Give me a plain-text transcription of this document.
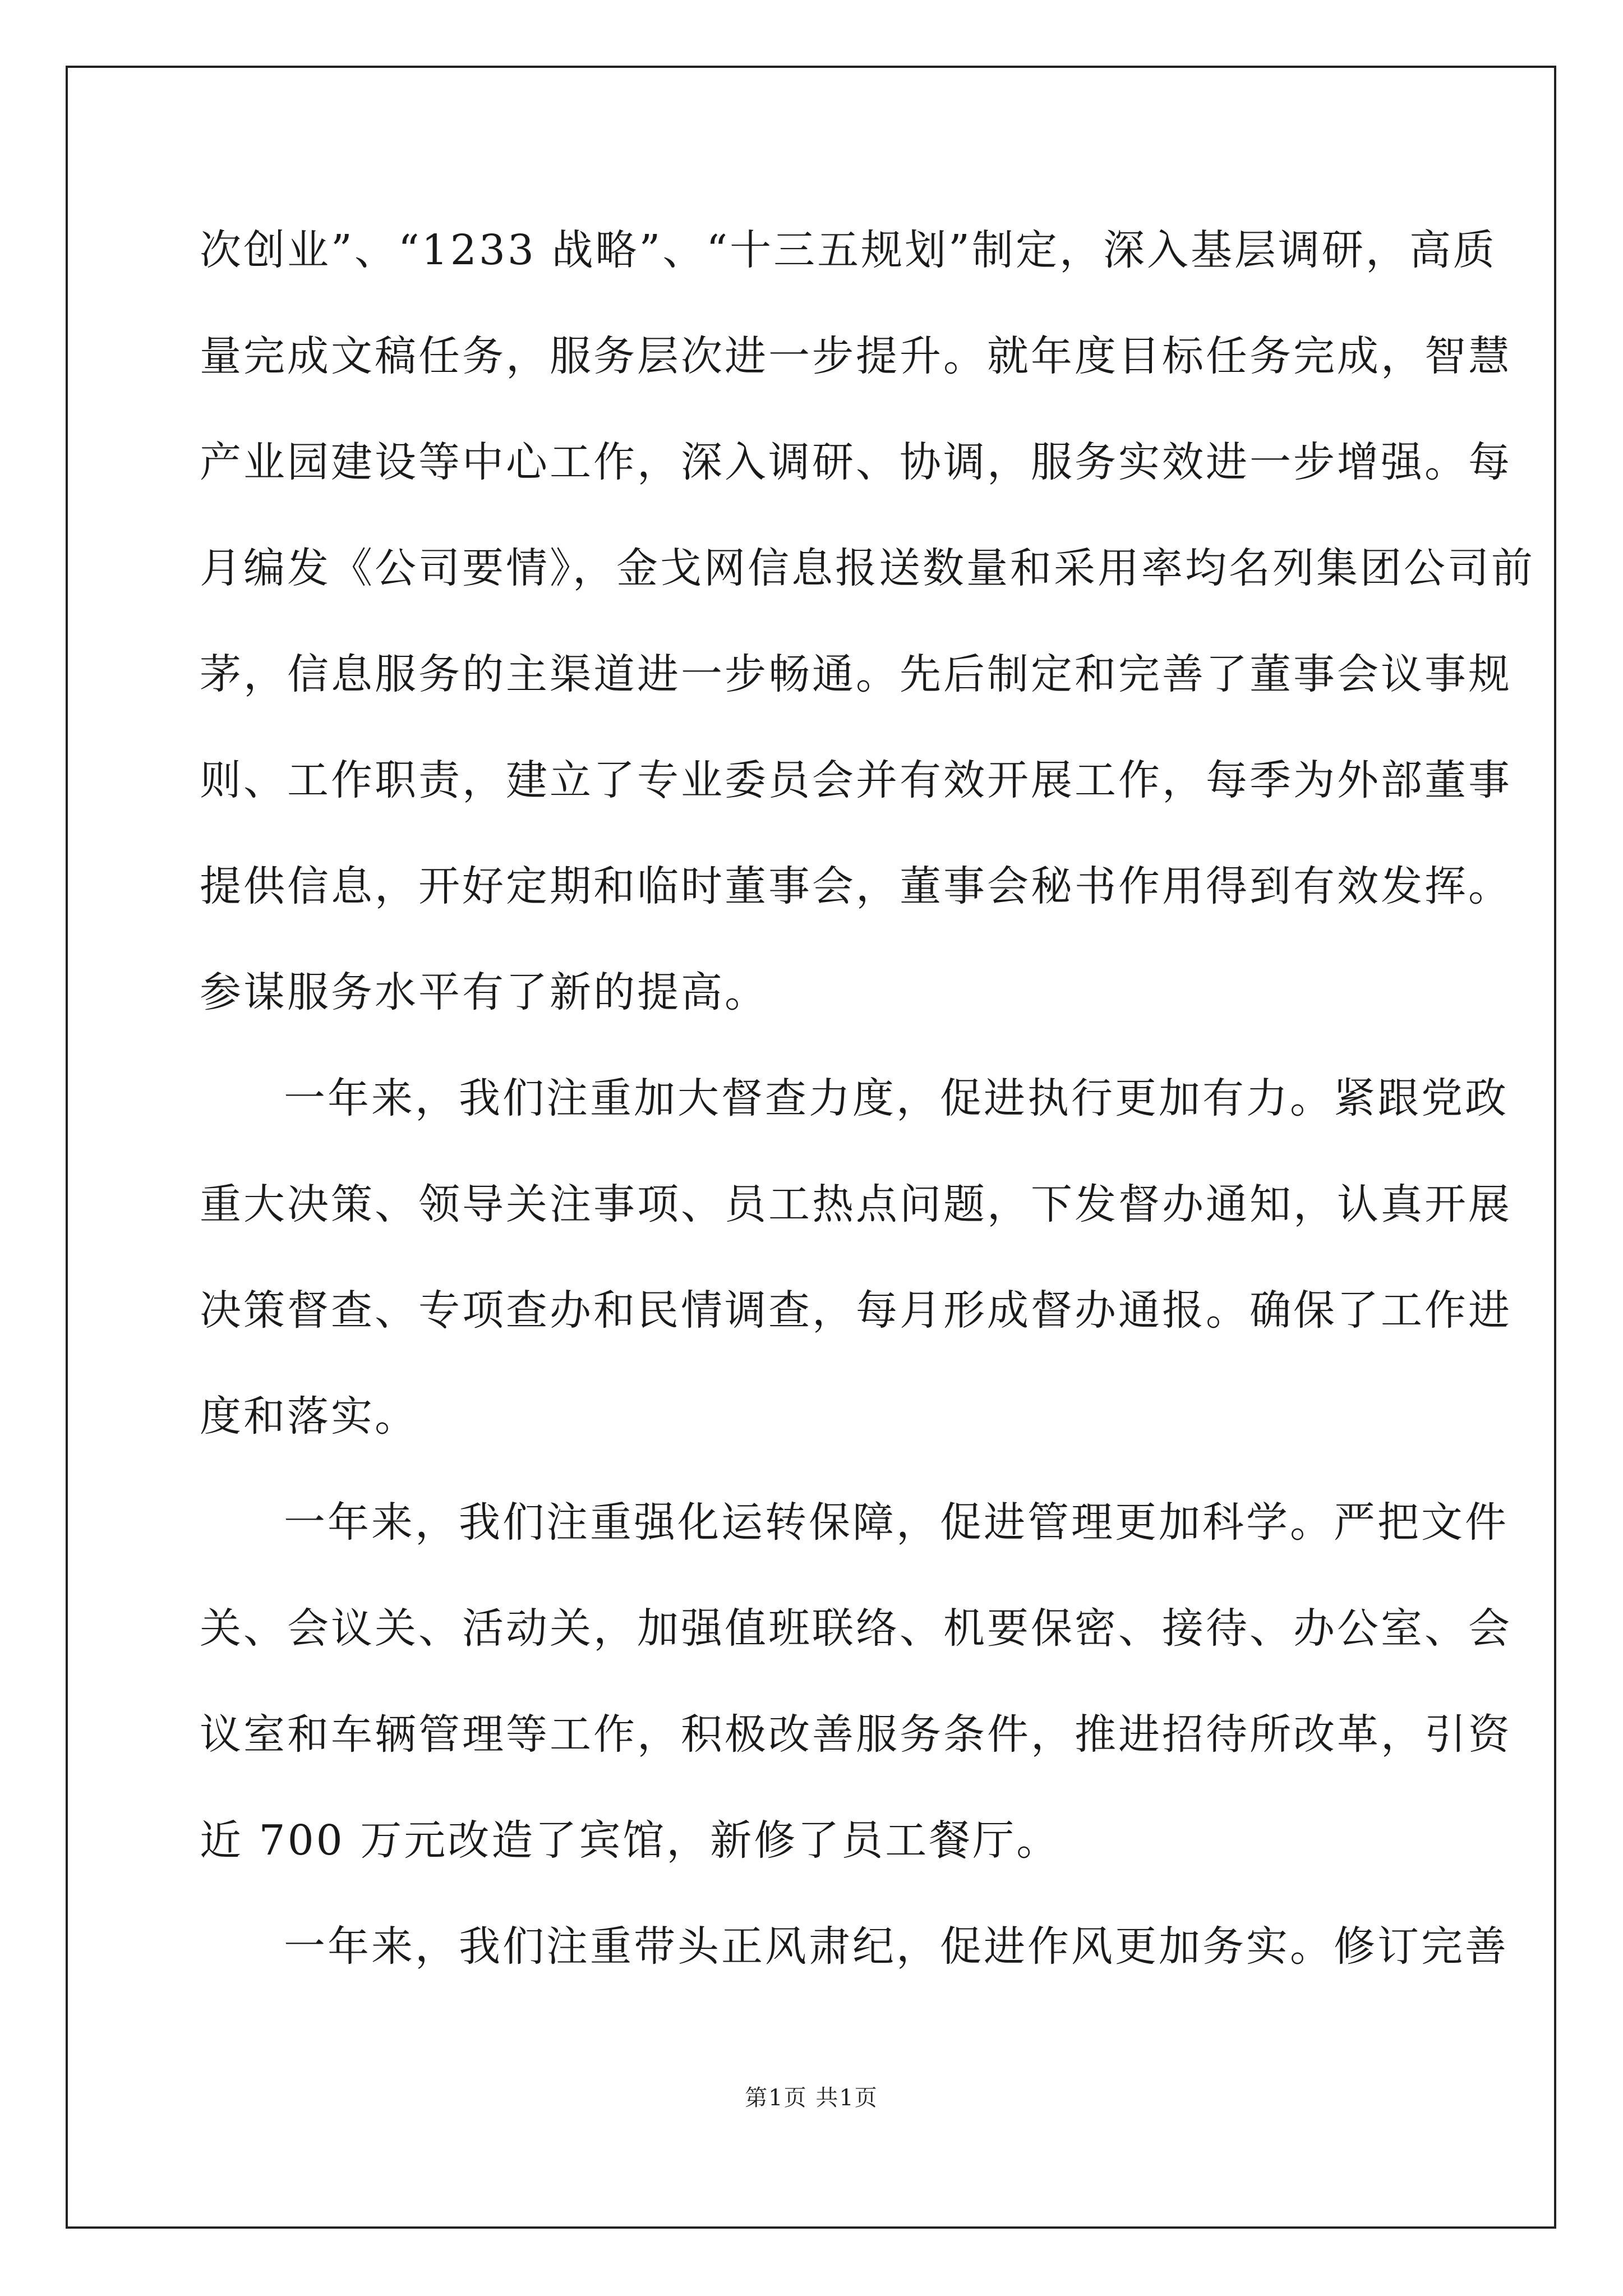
次创业”、“1233 战略”、“十三五规划”制定，深入基层调研，高质
量完成文稿任务，服务层次进一步提升。就年度目标任务完成，智慧
产业园建设等中心工作，深入调研、协调，服务实效进一步增强。每
月编发《公司要情》，金戈网信息报送数量和采用率均名列集团公司前
茅，信息服务的主渠道进一步畅通。先后制定和完善了董事会议事规
则、工作职责，建立了专业委员会并有效开展工作，每季为外部董事
提供信息，开好定期和临时董事会，董事会秘书作用得到有效发挥。
参谋服务水平有了新的提高。
一年来，我们注重加大督查力度，促进执行更加有力。紧跟党政
重大决策、领导关注事项、员工热点问题，下发督办通知，认真开展
决策督查、专项查办和民情调查，每月形成督办通报。确保了工作进
度和落实。
一年来，我们注重强化运转保障，促进管理更加科学。严把文件
关、会议关、活动关，加强值班联络、机要保密、接待、办公室、会
议室和车辆管理等工作，积极改善服务条件，推进招待所改革，引资
近 700 万元改造了宾馆，新修了员工餐厅。
一年来，我们注重带头正风肃纪，促进作风更加务实。修订完善
第1页 共1页
